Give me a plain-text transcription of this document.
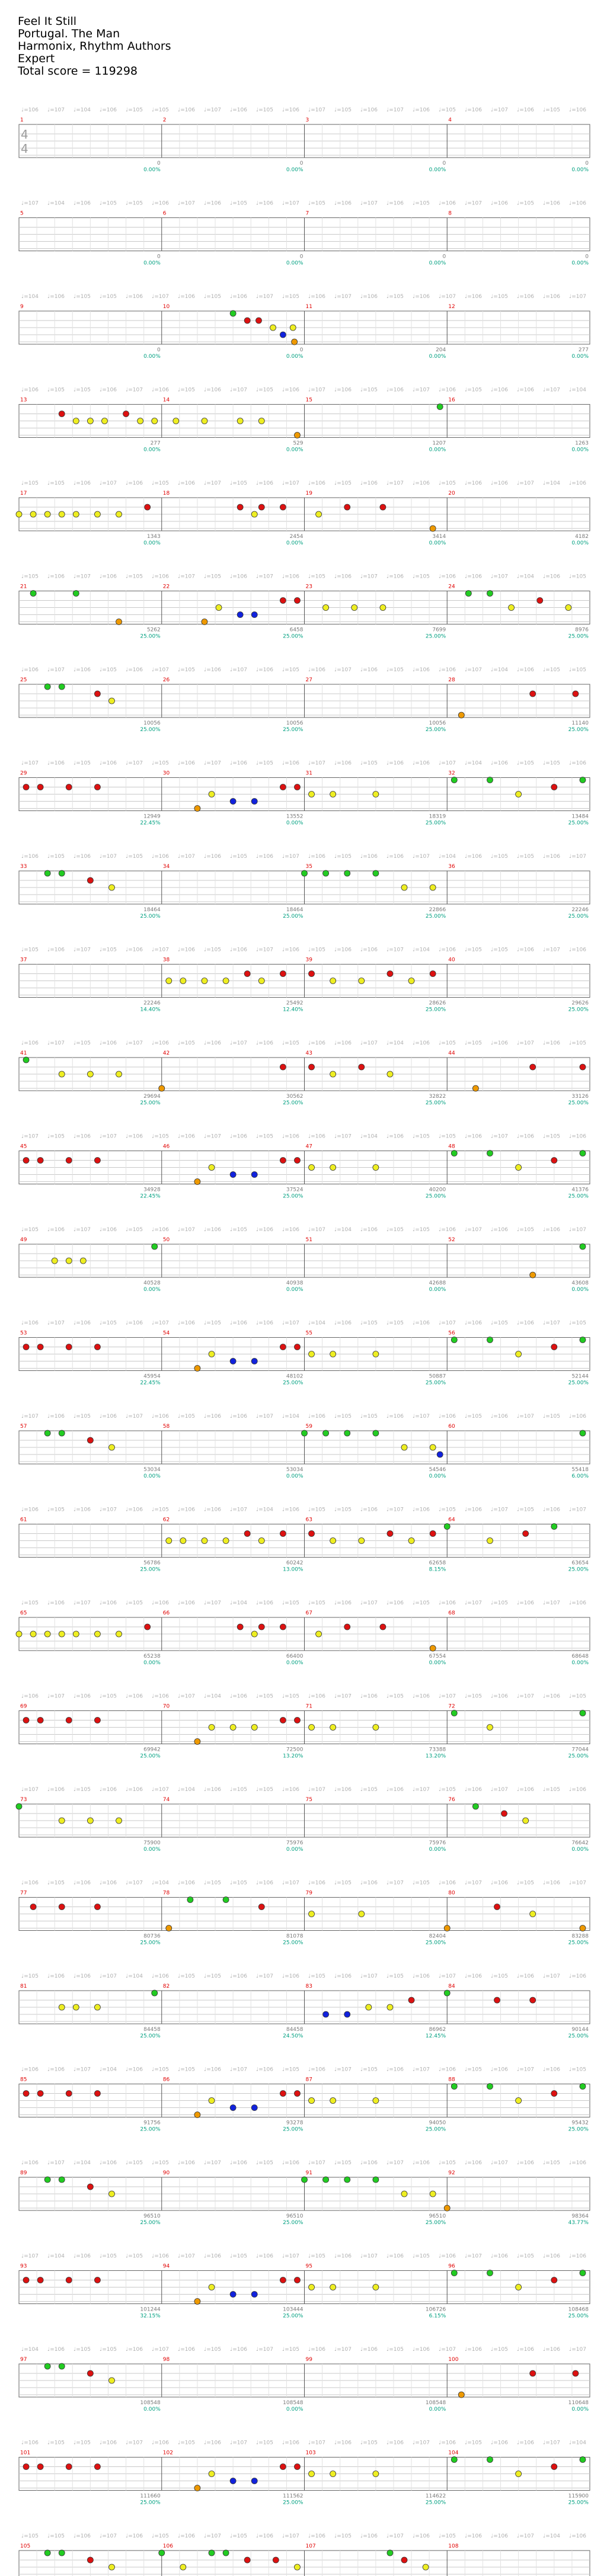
Feel It Still
Portugal. The Man
Harmonix, Rhythm Authors
Expert
Total score = 119298
♩=106 ♩=107 ♩=104 ♩=106 ♩=105 ♩=105 ♩=106 ♩=107 ♩=106 ♩=105 ♩=106 ♩=107 ♩=105 ♩=106 ♩=107 ♩=106 ♩=105 ♩=106 ♩=107 ♩=106 ♩=105 ♩=106
4
4
1
0
0.00%
2
0
0.00%
3
0
0.00%
4
0
0.00%
♩=107 ♩=104 ♩=106 ♩=105 ♩=105 ♩=106 ♩=107 ♩=106 ♩=105 ♩=106 ♩=107 ♩=105 ♩=106 ♩=107 ♩=106 ♩=105 ♩=106 ♩=107 ♩=106 ♩=105 ♩=106 ♩=106
5
0
0.00%
6
0
0.00%
7
0
0.00%
8
0
0.00%
♩=104 ♩=106 ♩=105 ♩=105 ♩=106 ♩=107 ♩=106 ♩=105 ♩=106 ♩=107 ♩=105 ♩=106 ♩=107 ♩=106 ♩=105 ♩=106 ♩=107 ♩=106 ♩=105 ♩=106 ♩=106 ♩=107
9
0
0.00%
10
0
0.00%
11
204
0.00%
12
277
0.00%
♩=106 ♩=105 ♩=105 ♩=106 ♩=107 ♩=106 ♩=105 ♩=106 ♩=107 ♩=105 ♩=106 ♩=107 ♩=106 ♩=105 ♩=106 ♩=107 ♩=106 ♩=105 ♩=106 ♩=106 ♩=107 ♩=104
13
277
0.00%
14
529
0.00%
15
1207
0.00%
16
1263
0.00%
♩=105 ♩=105 ♩=106 ♩=107 ♩=106 ♩=105 ♩=106 ♩=107 ♩=105 ♩=106 ♩=107 ♩=106 ♩=105 ♩=106 ♩=107 ♩=106 ♩=105 ♩=106 ♩=106 ♩=107 ♩=104 ♩=106
17
1343
0.00%
18
2454
0.00%
19
3414
0.00%
20
4182
0.00%
♩=105 ♩=106 ♩=107 ♩=106 ♩=105 ♩=106 ♩=107 ♩=105 ♩=106 ♩=107 ♩=106 ♩=105 ♩=106 ♩=107 ♩=106 ♩=105 ♩=106 ♩=106 ♩=107 ♩=104 ♩=106 ♩=105
21
5262
25.00%
22
6458
25.00%
23
7699
25.00%
24
8976
25.00%
♩=106 ♩=107 ♩=106 ♩=105 ♩=106 ♩=107 ♩=105 ♩=106 ♩=107 ♩=106 ♩=105 ♩=106 ♩=107 ♩=106 ♩=105 ♩=106 ♩=106 ♩=107 ♩=104 ♩=106 ♩=105 ♩=105
25
10056
25.00%
26
10056
25.00%
27
10056
25.00%
28
11140
25.00%
♩=107 ♩=106 ♩=105 ♩=106 ♩=107 ♩=105 ♩=106 ♩=107 ♩=106 ♩=105 ♩=106 ♩=107 ♩=106 ♩=105 ♩=106 ♩=106 ♩=107 ♩=104 ♩=106 ♩=105 ♩=105 ♩=106
29
12949
22.45%
30
13552
0.00%
31
18319
25.00%
32
13484
25.00%
♩=106 ♩=105 ♩=106 ♩=107 ♩=105 ♩=106 ♩=107 ♩=106 ♩=105 ♩=106 ♩=107 ♩=106 ♩=105 ♩=106 ♩=106 ♩=107 ♩=104 ♩=106 ♩=105 ♩=105 ♩=106 ♩=107
33
18464
25.00%
34
18464
25.00%
35
22866
25.00%
36
22246
25.00%
♩=105 ♩=106 ♩=107 ♩=105 ♩=106 ♩=107 ♩=106 ♩=105 ♩=106 ♩=107 ♩=106 ♩=105 ♩=106 ♩=106 ♩=107 ♩=104 ♩=106 ♩=105 ♩=105 ♩=106 ♩=107 ♩=106
37
22246
14.40%
38
25492
12.40%
39
28626
25.00%
40
29626
25.00%
♩=106 ♩=107 ♩=105 ♩=106 ♩=107 ♩=106 ♩=105 ♩=106 ♩=107 ♩=106 ♩=105 ♩=106 ♩=106 ♩=107 ♩=104 ♩=106 ♩=105 ♩=105 ♩=106 ♩=107 ♩=106 ♩=105
41
29694
25.00%
42
30562
25.00%
43
32822
25.00%
44
33126
25.00%
♩=107 ♩=105 ♩=106 ♩=107 ♩=106 ♩=105 ♩=106 ♩=107 ♩=106 ♩=105 ♩=106 ♩=106 ♩=107 ♩=104 ♩=106 ♩=105 ♩=105 ♩=106 ♩=107 ♩=106 ♩=105 ♩=106
45
34928
22.45%
46
37524
25.00%
47
40200
25.00%
48
41376
25.00%
♩=105 ♩=106 ♩=107 ♩=106 ♩=105 ♩=106 ♩=107 ♩=106 ♩=105 ♩=106 ♩=106 ♩=107 ♩=104 ♩=106 ♩=105 ♩=105 ♩=106 ♩=107 ♩=106 ♩=105 ♩=106 ♩=107
49
40528
0.00%
50
40938
0.00%
51
42688
0.00%
52
43608
0.00%
♩=106 ♩=107 ♩=106 ♩=105 ♩=106 ♩=107 ♩=106 ♩=105 ♩=106 ♩=106 ♩=107 ♩=104 ♩=106 ♩=105 ♩=105 ♩=106 ♩=107 ♩=106 ♩=105 ♩=106 ♩=107 ♩=105
53
45954
22.45%
54
48102
25.00%
55
50887
25.00%
56
52144
25.00%
♩=107 ♩=106 ♩=105 ♩=106 ♩=107 ♩=106 ♩=105 ♩=106 ♩=106 ♩=107 ♩=104 ♩=106 ♩=105 ♩=105 ♩=106 ♩=107 ♩=106 ♩=105 ♩=106 ♩=107 ♩=105 ♩=106
57
53034
0.00%
58
53034
0.00%
59
54546
0.00%
60
55418
6.00%
♩=106 ♩=105 ♩=106 ♩=107 ♩=106 ♩=105 ♩=106 ♩=106 ♩=107 ♩=104 ♩=106 ♩=105 ♩=105 ♩=106 ♩=107 ♩=106 ♩=105 ♩=106 ♩=107 ♩=105 ♩=106 ♩=107
61
56786
25.00%
62
60242
13.00%
63
62658
8.15%
64
63654
25.00%
♩=105 ♩=106 ♩=107 ♩=106 ♩=105 ♩=106 ♩=106 ♩=107 ♩=104 ♩=106 ♩=105 ♩=105 ♩=106 ♩=107 ♩=106 ♩=105 ♩=106 ♩=107 ♩=105 ♩=106 ♩=107 ♩=106
65
65238
0.00%
66
66400
0.00%
67
67554
0.00%
68
68648
0.00%
♩=106 ♩=107 ♩=106 ♩=105 ♩=106 ♩=106 ♩=107 ♩=104 ♩=106 ♩=105 ♩=105 ♩=106 ♩=107 ♩=106 ♩=105 ♩=106 ♩=107 ♩=105 ♩=106 ♩=107 ♩=106 ♩=105
69
69942
25.00%
70
72500
13.20%
71
73388
13.20%
72
77044
25.00%
♩=107 ♩=106 ♩=105 ♩=106 ♩=106 ♩=107 ♩=104 ♩=106 ♩=105 ♩=105 ♩=106 ♩=107 ♩=106 ♩=105 ♩=106 ♩=107 ♩=105 ♩=106 ♩=107 ♩=106 ♩=105 ♩=106
73
75900
0.00%
74
75976
0.00%
75
75976
0.00%
76
76642
0.00%
♩=106 ♩=105 ♩=106 ♩=106 ♩=107 ♩=104 ♩=106 ♩=105 ♩=105 ♩=106 ♩=107 ♩=106 ♩=105 ♩=106 ♩=107 ♩=105 ♩=106 ♩=107 ♩=106 ♩=105 ♩=106 ♩=107
77
80736
25.00%
78
81078
25.00%
79
82404
25.00%
80
83288
25.00%
♩=105 ♩=106 ♩=106 ♩=107 ♩=104 ♩=106 ♩=105 ♩=105 ♩=106 ♩=107 ♩=106 ♩=105 ♩=106 ♩=107 ♩=105 ♩=106 ♩=107 ♩=106 ♩=105 ♩=106 ♩=107 ♩=106
81
84458
25.00%
82
84458
24.50%
83
86962
12.45%
84
90144
25.00%
♩=106 ♩=106 ♩=107 ♩=104 ♩=106 ♩=105 ♩=105 ♩=106 ♩=107 ♩=106 ♩=105 ♩=106 ♩=107 ♩=105 ♩=106 ♩=107 ♩=106 ♩=105 ♩=106 ♩=107 ♩=106 ♩=105
85
91756
25.00%
86
93278
25.00%
87
94050
25.00%
88
95432
25.00%
♩=106 ♩=107 ♩=104 ♩=106 ♩=105 ♩=105 ♩=106 ♩=107 ♩=106 ♩=105 ♩=106 ♩=107 ♩=105 ♩=106 ♩=107 ♩=106 ♩=105 ♩=106 ♩=107 ♩=106 ♩=105 ♩=106
89
96510
25.00%
90
96510
25.00%
91
96510
25.00%
92
98364
43.77%
♩=107 ♩=104 ♩=106 ♩=105 ♩=105 ♩=106 ♩=107 ♩=106 ♩=105 ♩=106 ♩=107 ♩=105 ♩=106 ♩=107 ♩=106 ♩=105 ♩=106 ♩=107 ♩=106 ♩=105 ♩=106 ♩=106
93
101244
32.15%
94
103444
25.00%
95
106726
6.15%
96
108468
25.00%
♩=104 ♩=106 ♩=105 ♩=105 ♩=106 ♩=107 ♩=106 ♩=105 ♩=106 ♩=107 ♩=105 ♩=106 ♩=107 ♩=106 ♩=105 ♩=106 ♩=107 ♩=106 ♩=105 ♩=106 ♩=106 ♩=107
97
108548
0.00%
98
108548
0.00%
99
108548
0.00%
100
110648
0.00%
♩=106 ♩=105 ♩=105 ♩=106 ♩=107 ♩=106 ♩=105 ♩=106 ♩=107 ♩=105 ♩=106 ♩=107 ♩=106 ♩=105 ♩=106 ♩=107 ♩=106 ♩=105 ♩=106 ♩=106 ♩=107 ♩=104
101
111660
25.00%
102
111562
25.00%
103
114622
25.00%
104
115900
25.00%
♩=105 ♩=105 ♩=106 ♩=107 ♩=106 ♩=105 ♩=106 ♩=107 ♩=105 ♩=106 ♩=107 ♩=106 ♩=105 ♩=106 ♩=107 ♩=106 ♩=105 ♩=106 ♩=106 ♩=107 ♩=104 ♩=106
105	106	107	108
